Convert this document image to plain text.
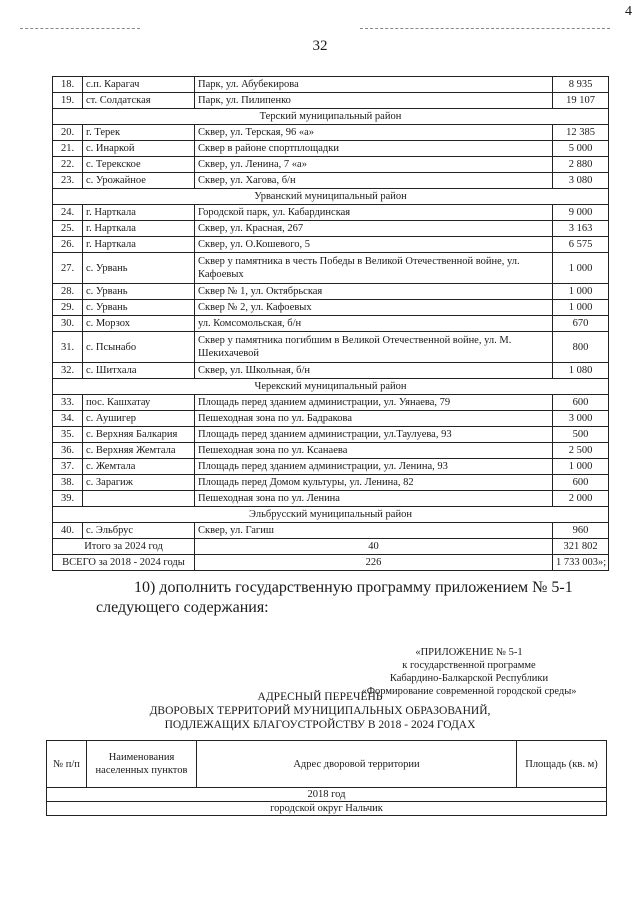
4
32
18.	с.п. Карагач	Парк, ул. Абубекирова	8 935
19.	ст. Солдатская	Парк, ул. Пилипенко	19 107
Терский муниципальный район			
20.	г. Терек	Сквер, ул. Терская, 96 «а»	12 385
21.	с. Инаркой	Сквер в районе спортплощадки	5 000
22.	с. Терекское	Сквер, ул. Ленина, 7 «а»	2 880
23.	с. Урожайное	Сквер, ул. Хагова, б/н	3 080
Урванский муниципальный район			
24.	г. Нарткала	Городской парк, ул. Кабардинская	9 000
25.	г. Нарткала	Сквер, ул. Красная, 267	3 163
26.	г. Нарткала	Сквер, ул. О.Кошевого, 5	6 575
27.	с. Урвань	Сквер у памятника в честь Победы в Великой Отечественной войне, ул. Кафоевых	1 000
28.	с. Урвань	Сквер № 1, ул. Октябрьская	1 000
29.	с. Урвань	Сквер № 2, ул. Кафоевых	1 000
30.	с. Морзох	ул. Комсомольская, б/н	670
31.	с. Псынабо	Сквер у памятника погибшим в Великой Отечественной войне, ул. М. Шекихачевой	800
32.	с. Шитхала	Сквер, ул. Школьная, б/н	1 080
Черекский муниципальный район			
33.	пос. Кашхатау	Площадь перед зданием администрации, ул. Уянаева, 79	600
34.	с. Аушигер	Пешеходная зона по ул. Бадракова	3 000
35.	с. Верхняя Балкария	Площадь перед зданием администрации, ул.Таулуева, 93	500
36.	с. Верхняя Жемтала	Пешеходная зона по ул. Ксанаева	2 500
37.	с. Жемтала	Площадь перед зданием администрации, ул. Ленина, 93	1 000
38.	с. Зарагиж	Площадь перед Домом культуры, ул. Ленина, 82	600
39.		Пешеходная зона по ул. Ленина	2 000
Эльбрусский муниципальный район			
40.	с. Эльбрус	Сквер, ул. Гагиш	960
Итого за 2024 год		40	321 802
ВСЕГО за 2018 - 2024 годы		226	1 733 003»;
10) дополнить государственную программу приложением № 5-1
следующего содержания:
«ПРИЛОЖЕНИЕ № 5-1
к государственной программе
Кабардино-Балкарской Республики
«Формирование современной городской среды»
АДРЕСНЫЙ ПЕРЕЧЕНЬ
ДВОРОВЫХ ТЕРРИТОРИЙ МУНИЦИПАЛЬНЫХ ОБРАЗОВАНИЙ,
ПОДЛЕЖАЩИХ БЛАГОУСТРОЙСТВУ В 2018 - 2024 ГОДАХ
№ п/п	Наименования населенных пунктов	Адрес дворовой территории	Площадь (кв. м)
2018 год
городской округ Нальчик
